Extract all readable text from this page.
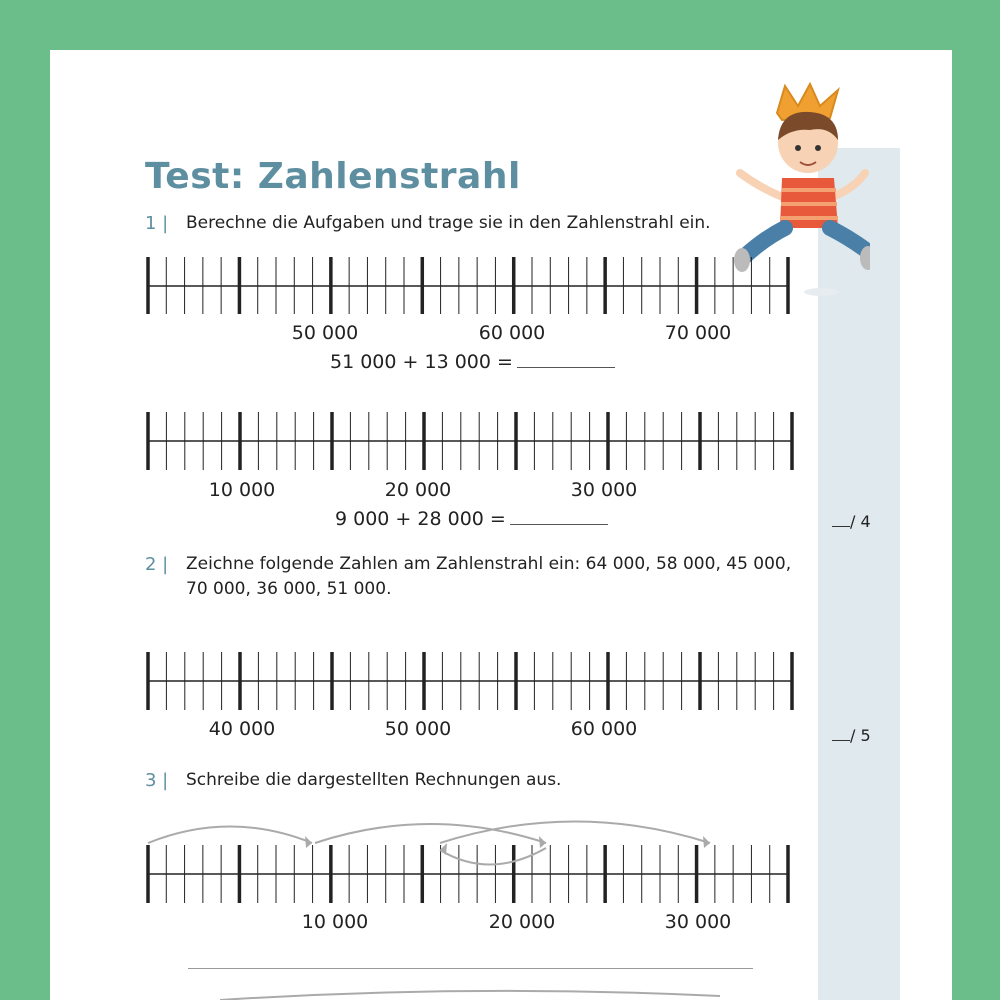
Test: Zahlenstrahl
1 | Berechne die Aufgaben und trage sie in den Zahlenstrahl ein.
50 000	60 000	70 000
51 000 + 13 000 =
10 000	20 000	30 000
9 000 + 28 000 =	/ 4
2 | Zeichne folgende Zahlen am Zahlenstrahl ein: 64 000, 58 000, 45 000,
70 000, 36 000, 51 000.
40 000	50 000	60 000	/ 5
3 | Schreibe die dargestellten Rechnungen aus.
10 000	20 000	30 000
